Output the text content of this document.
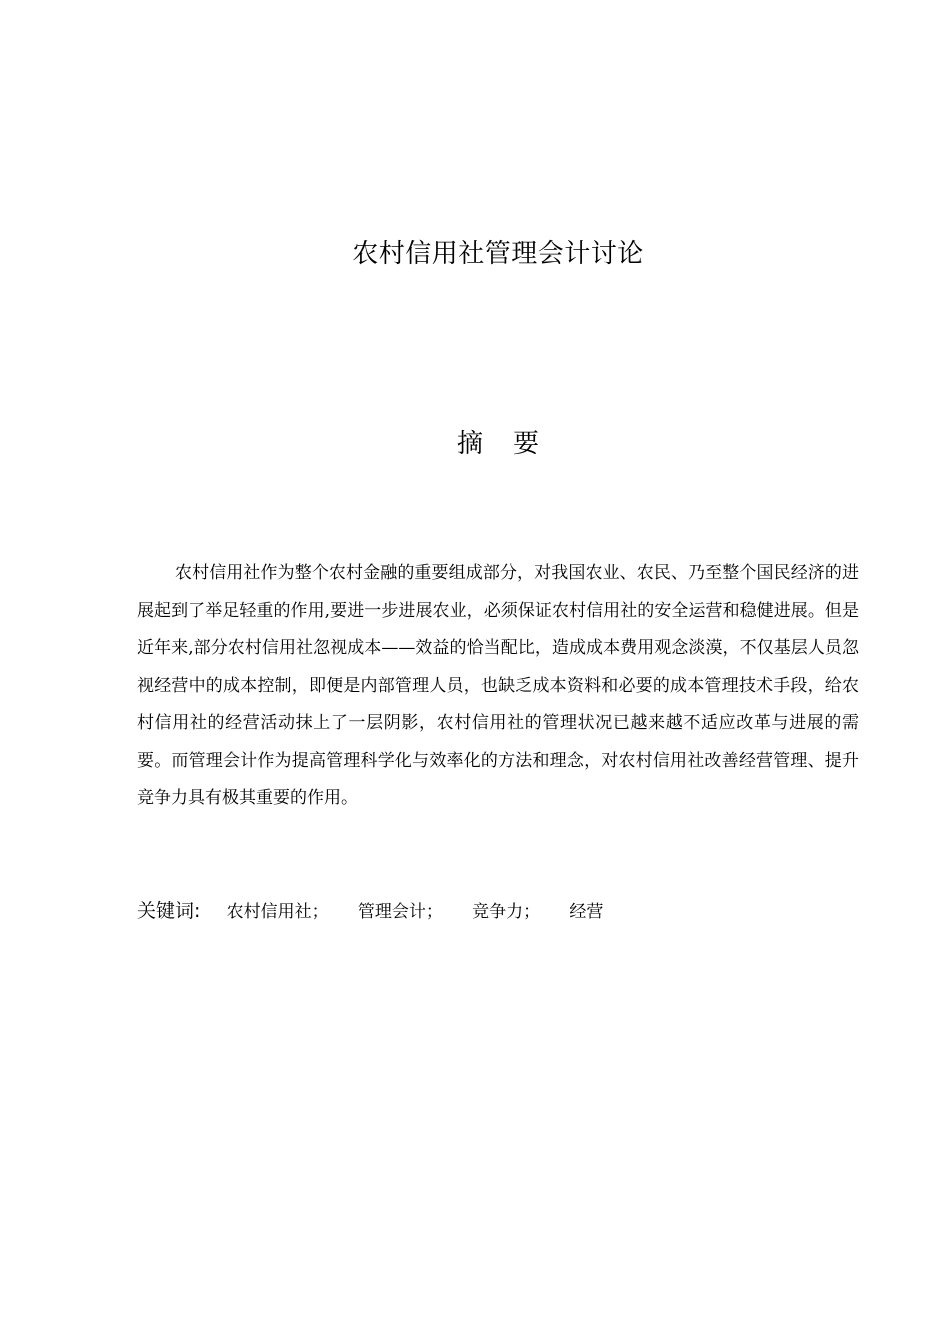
农村信用社管理会计讨论
摘要

农村信用社作为整个农村金融的重要组成部分，对我国农业、农民、乃至整个国民经济的进展起到了举足轻重的作用,要进一步进展农业，必须保证农村信用社的安全运营和稳健进展。但是近年来,部分农村信用社忽视成本——效益的恰当配比，造成成本费用观念淡漠，不仅基层人员忽视经营中的成本控制，即便是内部管理人员，也缺乏成本资料和必要的成本管理技术手段，给农村信用社的经营活动抹上了一层阴影，农村信用社的管理状况已越来越不适应改革与进展的需要。而管理会计作为提高管理科学化与效率化的方法和理念，对农村信用社改善经营管理、提升竞争力具有极其重要的作用。

关键词: 农村信用社； 管理会计； 竞争力； 经营
